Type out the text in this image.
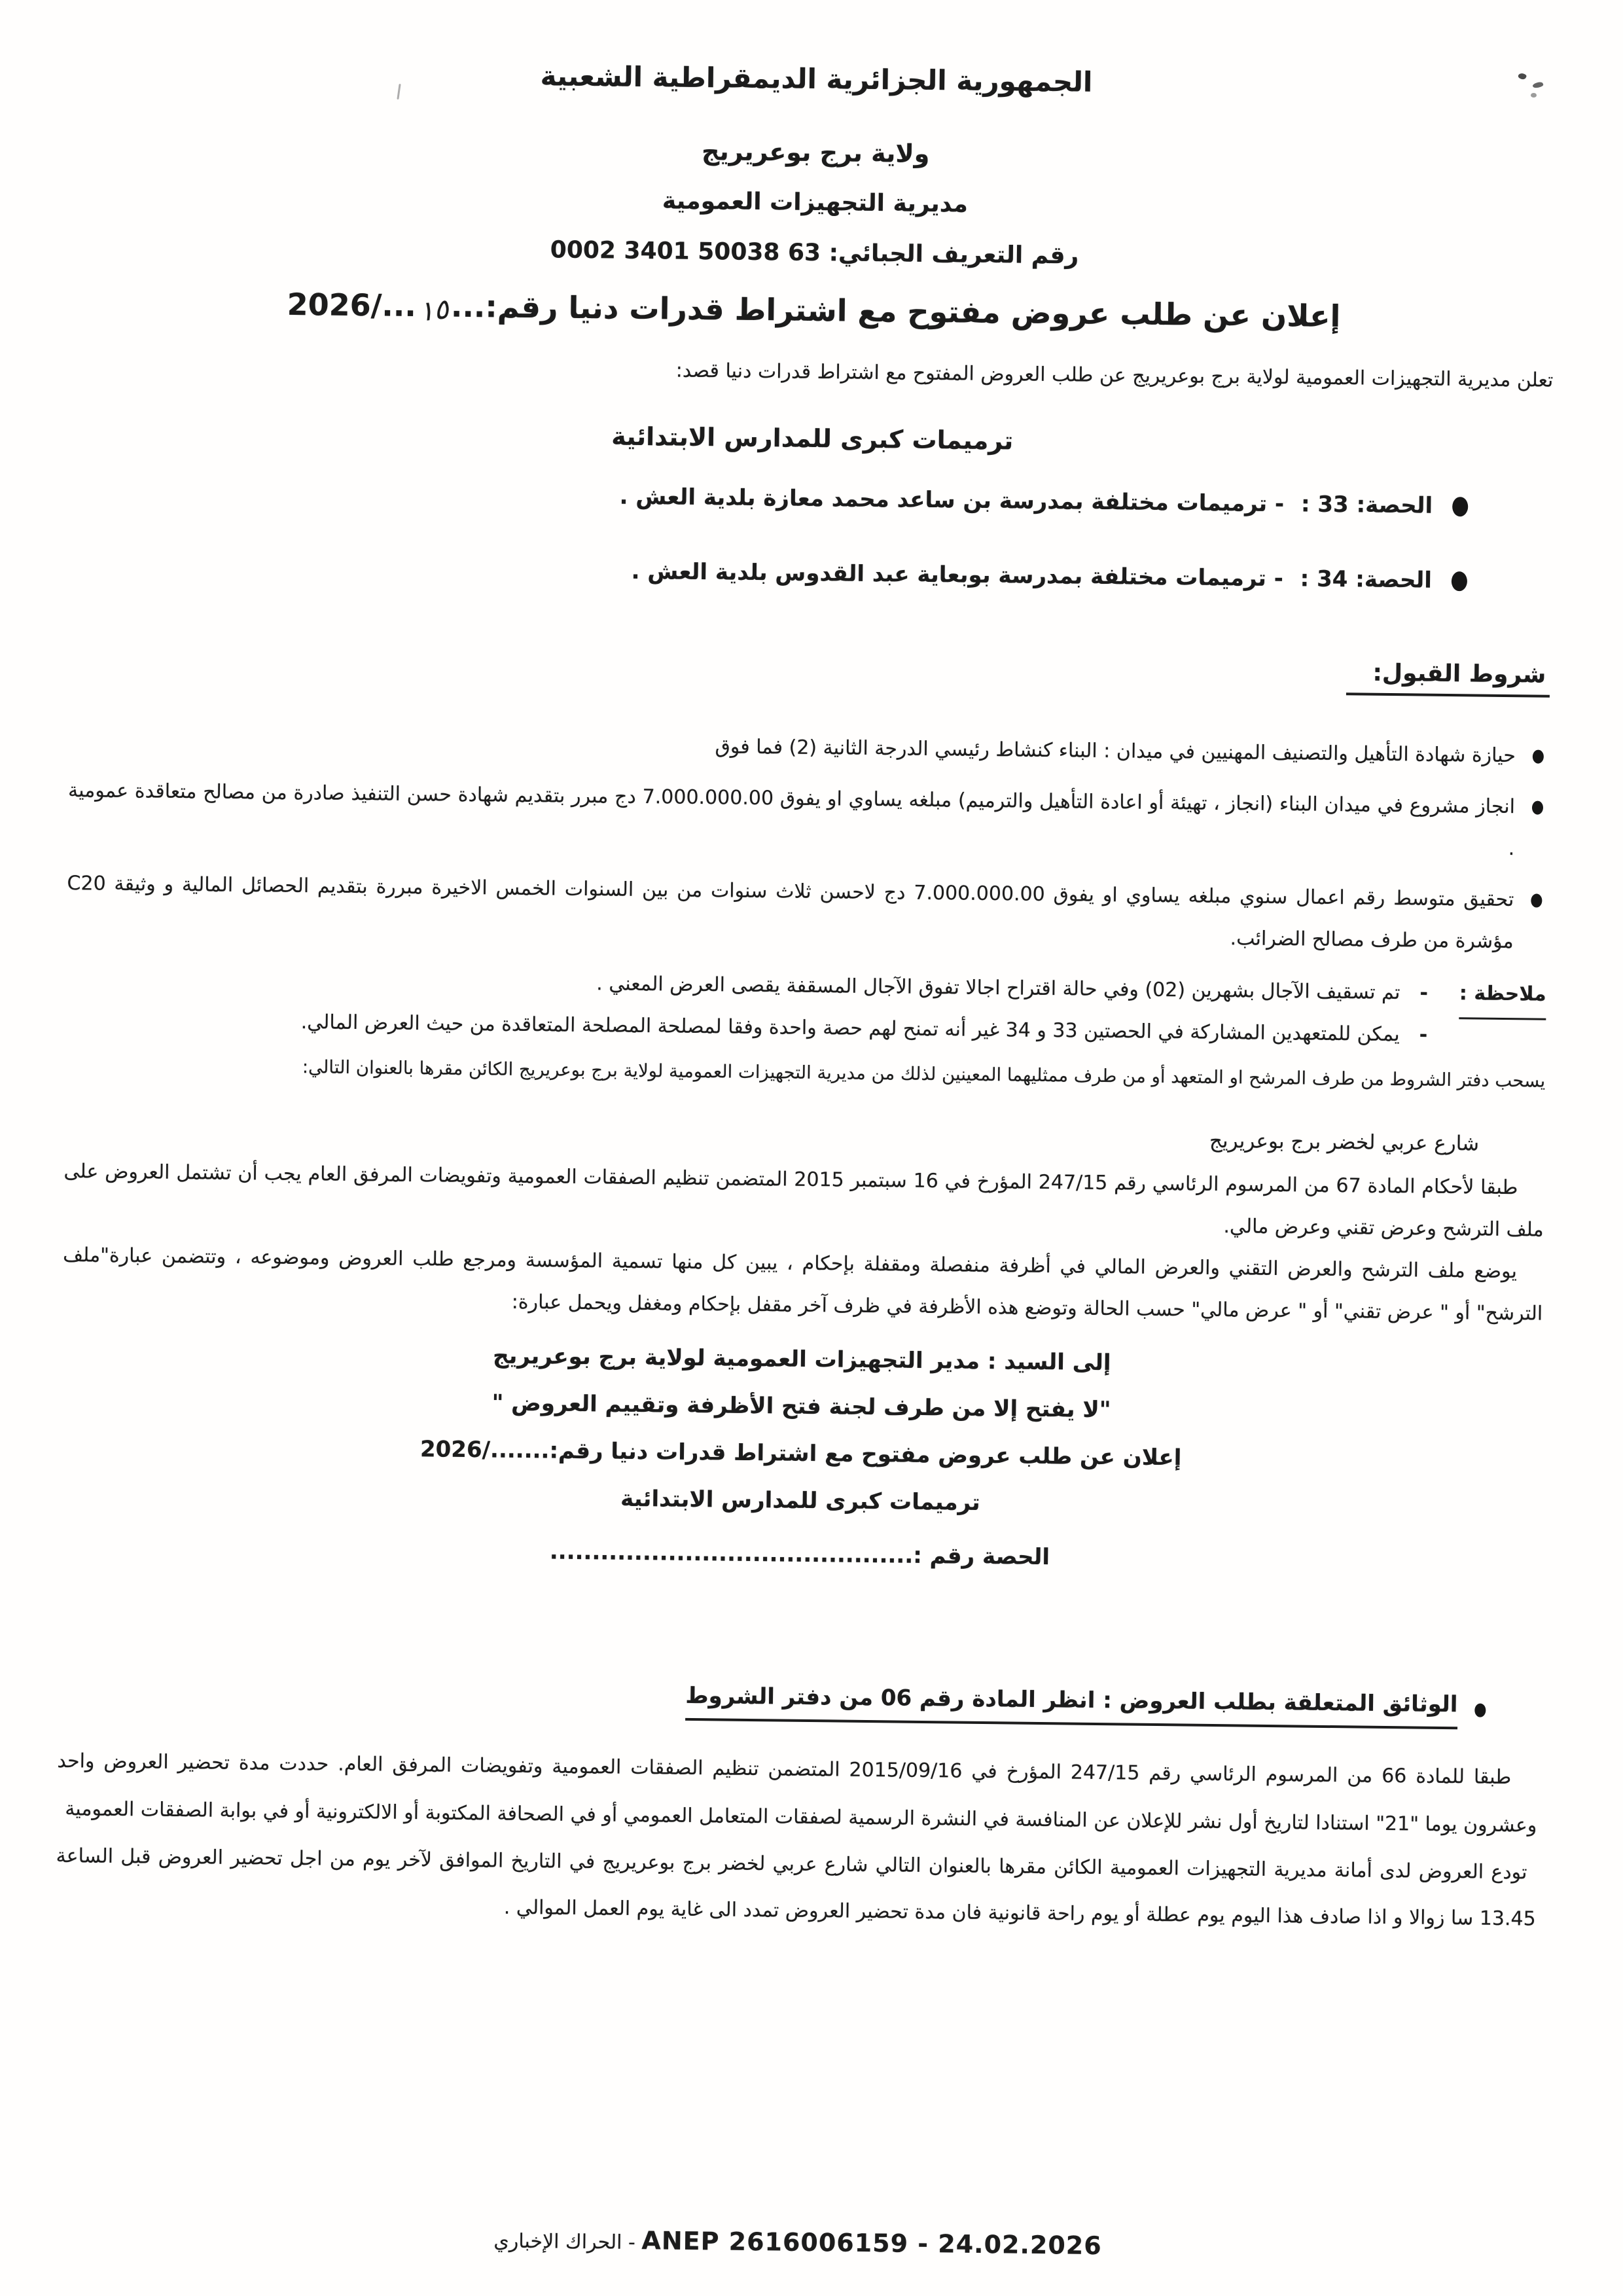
الجمهورية الجزائرية الديمقراطية الشعبية
ولاية برج بوعريريج
مديرية التجهيزات العمومية
رقم التعريف الجبائي: 0002 3401 50038 63
إعلان عن طلب عروض مفتوح مع اشتراط قدرات دنيا رقم:...١٥.../2026

تعلن مديرية التجهيزات العمومية لولاية برج بوعريريج عن طلب العروض المفتوح مع اشتراط قدرات دنيا قصد:

ترميمات كبرى للمدارس الابتدائية
الحصة: 33 : - ترميمات مختلفة بمدرسة بن ساعد محمد معازة بلدية العش .
الحصة: 34 : - ترميمات مختلفة بمدرسة بوبعاية عبد القدوس بلدية العش .
شروط القبول:
حيازة شهادة التأهيل والتصنيف المهنيين في ميدان : البناء كنشاط رئيسي الدرجة الثانية (2) فما فوق
انجاز مشروع في ميدان البناء (انجاز ، تهيئة أو اعادة التأهيل والترميم) مبلغه يساوي او يفوق 7.000.000.00 دج مبرر بتقديم شهادة حسن التنفيذ صادرة من مصالح متعاقدة عمومية .
تحقيق متوسط رقم اعمال سنوي مبلغه يساوي او يفوق 7.000.000.00 دج لاحسن ثلاث سنوات من بين السنوات الخمس الاخيرة مبررة بتقديم الحصائل المالية و وثيقة C20 مؤشرة من طرف مصالح الضرائب.
ملاحظة :
-
تم تسقيف الآجال بشهرين (02) وفي حالة اقتراح اجالا تفوق الآجال المسقفة يقصى العرض المعني .
-
يمكن للمتعهدين المشاركة في الحصتين 33 و 34 غير أنه تمنح لهم حصة واحدة وفقا لمصلحة المصلحة المتعاقدة من حيث العرض المالي.

يسحب دفتر الشروط من طرف المرشح او المتعهد أو من طرف ممثليهما المعينين لذلك من مديرية التجهيزات العمومية لولاية برج بوعريريج الكائن مقرها بالعنوان التالي:

شارع عربي لخضر برج بوعريريج

طبقا لأحكام المادة 67 من المرسوم الرئاسي رقم 247/15 المؤرخ في 16 سبتمبر 2015 المتضمن تنظيم الصفقات العمومية وتفويضات المرفق العام يجب أن تشتمل العروض على ملف الترشح وعرض تقني وعرض مالي.

يوضع ملف الترشح والعرض التقني والعرض المالي في أظرفة منفصلة ومقفلة بإحكام ، يبين كل منها تسمية المؤسسة ومرجع طلب العروض وموضوعه ، وتتضمن عبارة"ملف الترشح" أو " عرض تقني" أو " عرض مالي" حسب الحالة وتوضع هذه الأظرفة في ظرف آخر مقفل بإحكام ومغفل ويحمل عبارة:

إلى السيد : مدير التجهيزات العمومية لولاية برج بوعريريج
"لا يفتح إلا من طرف لجنة فتح الأظرفة وتقييم العروض "
إعلان عن طلب عروض مفتوح مع اشتراط قدرات دنيا رقم:......./2026
ترميمات كبرى للمدارس الابتدائية
الحصة رقم :...........................................
الوثائق المتعلقة بطلب العروض : انظر المادة رقم 06 من دفتر الشروط

طبقا للمادة 66 من المرسوم الرئاسي رقم 247/15 المؤرخ في 2015/09/16 المتضمن تنظيم الصفقات العمومية وتفويضات المرفق العام. حددت مدة تحضير العروض واحد وعشرون يوما "21" استنادا لتاريخ أول نشر للإعلان عن المنافسة في النشرة الرسمية لصفقات المتعامل العمومي أو في الصحافة المكتوبة أو الالكترونية أو في بوابة الصفقات العمومية

تودع العروض لدى أمانة مديرية التجهيزات العمومية الكائن مقرها بالعنوان التالي شارع عربي لخضر برج بوعريريج في التاريخ الموافق لآخر يوم من اجل تحضير العروض قبل الساعة 13.45 سا زوالا و اذا صادف هذا اليوم يوم عطلة أو يوم راحة قانونية فان مدة تحضير العروض تمدد الى غاية يوم العمل الموالي .

ANEP 2616006159 - 24.02.2026 - الحراك الإخباري
